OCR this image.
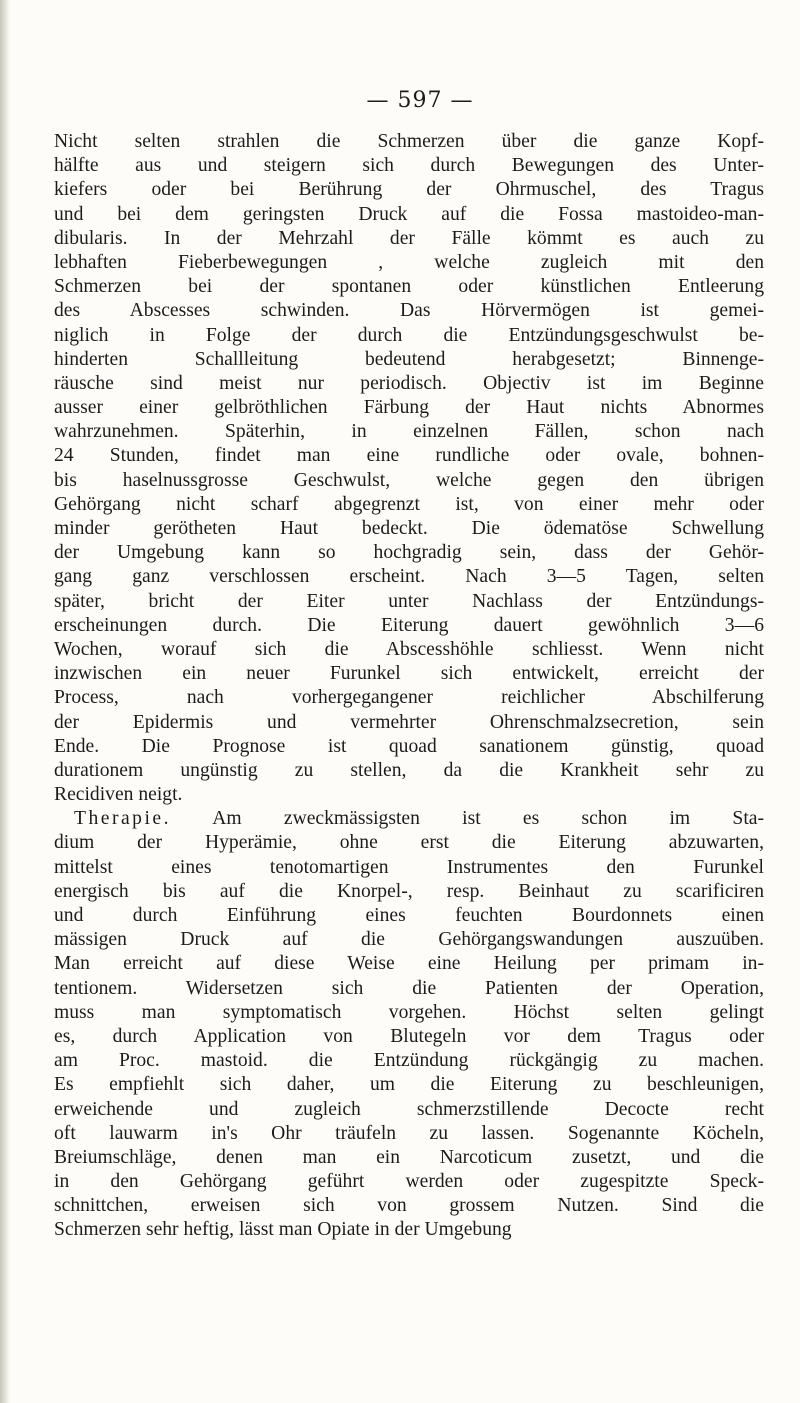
— 597 —
Nicht selten strahlen die Schmerzen über die ganze Kopf-
hälfte aus und steigern sich durch Bewegungen des Unter-
kiefers oder bei Berührung der Ohrmuschel, des Tragus
und bei dem geringsten Druck auf die Fossa mastoideo-man-
dibularis. In der Mehrzahl der Fälle kömmt es auch zu
lebhaften Fieberbewegungen , welche zugleich mit den
Schmerzen bei der spontanen oder künstlichen Entleerung
des Abscesses schwinden. Das Hörvermögen ist gemei-
niglich in Folge der durch die Entzündungsgeschwulst be-
hinderten Schallleitung bedeutend herabgesetzt; Binnenge-
räusche sind meist nur periodisch. Objectiv ist im Beginne
ausser einer gelbröthlichen Färbung der Haut nichts Abnormes
wahrzunehmen. Späterhin, in einzelnen Fällen, schon nach
24 Stunden, findet man eine rundliche oder ovale, bohnen-
bis haselnussgrosse Geschwulst, welche gegen den übrigen
Gehörgang nicht scharf abgegrenzt ist, von einer mehr oder
minder gerötheten Haut bedeckt. Die ödematöse Schwellung
der Umgebung kann so hochgradig sein, dass der Gehör-
gang ganz verschlossen erscheint. Nach 3—5 Tagen, selten
später, bricht der Eiter unter Nachlass der Entzündungs-
erscheinungen durch. Die Eiterung dauert gewöhnlich 3—6
Wochen, worauf sich die Abscesshöhle schliesst. Wenn nicht
inzwischen ein neuer Furunkel sich entwickelt, erreicht der
Process, nach vorhergegangener reichlicher Abschilferung
der Epidermis und vermehrter Ohrenschmalzsecretion, sein
Ende. Die Prognose ist quoad sanationem günstig, quoad
durationem ungünstig zu stellen, da die Krankheit sehr zu
Recidiven neigt.
Therapie. Am zweckmässigsten ist es schon im Sta-
dium der Hyperämie, ohne erst die Eiterung abzuwarten,
mittelst eines tenotomartigen Instrumentes den Furunkel
energisch bis auf die Knorpel-, resp. Beinhaut zu scarificiren
und durch Einführung eines feuchten Bourdonnets einen
mässigen Druck auf die Gehörgangswandungen auszuüben.
Man erreicht auf diese Weise eine Heilung per primam in-
tentionem. Widersetzen sich die Patienten der Operation,
muss man symptomatisch vorgehen. Höchst selten gelingt
es, durch Application von Blutegeln vor dem Tragus oder
am Proc. mastoid. die Entzündung rückgängig zu machen.
Es empfiehlt sich daher, um die Eiterung zu beschleunigen,
erweichende und zugleich schmerzstillende Decocte recht
oft lauwarm in's Ohr träufeln zu lassen. Sogenannte Köcheln,
Breiumschläge, denen man ein Narcoticum zusetzt, und die
in den Gehörgang geführt werden oder zugespitzte Speck-
schnittchen, erweisen sich von grossem Nutzen. Sind die
Schmerzen sehr heftig, lässt man Opiate in der Umgebung
